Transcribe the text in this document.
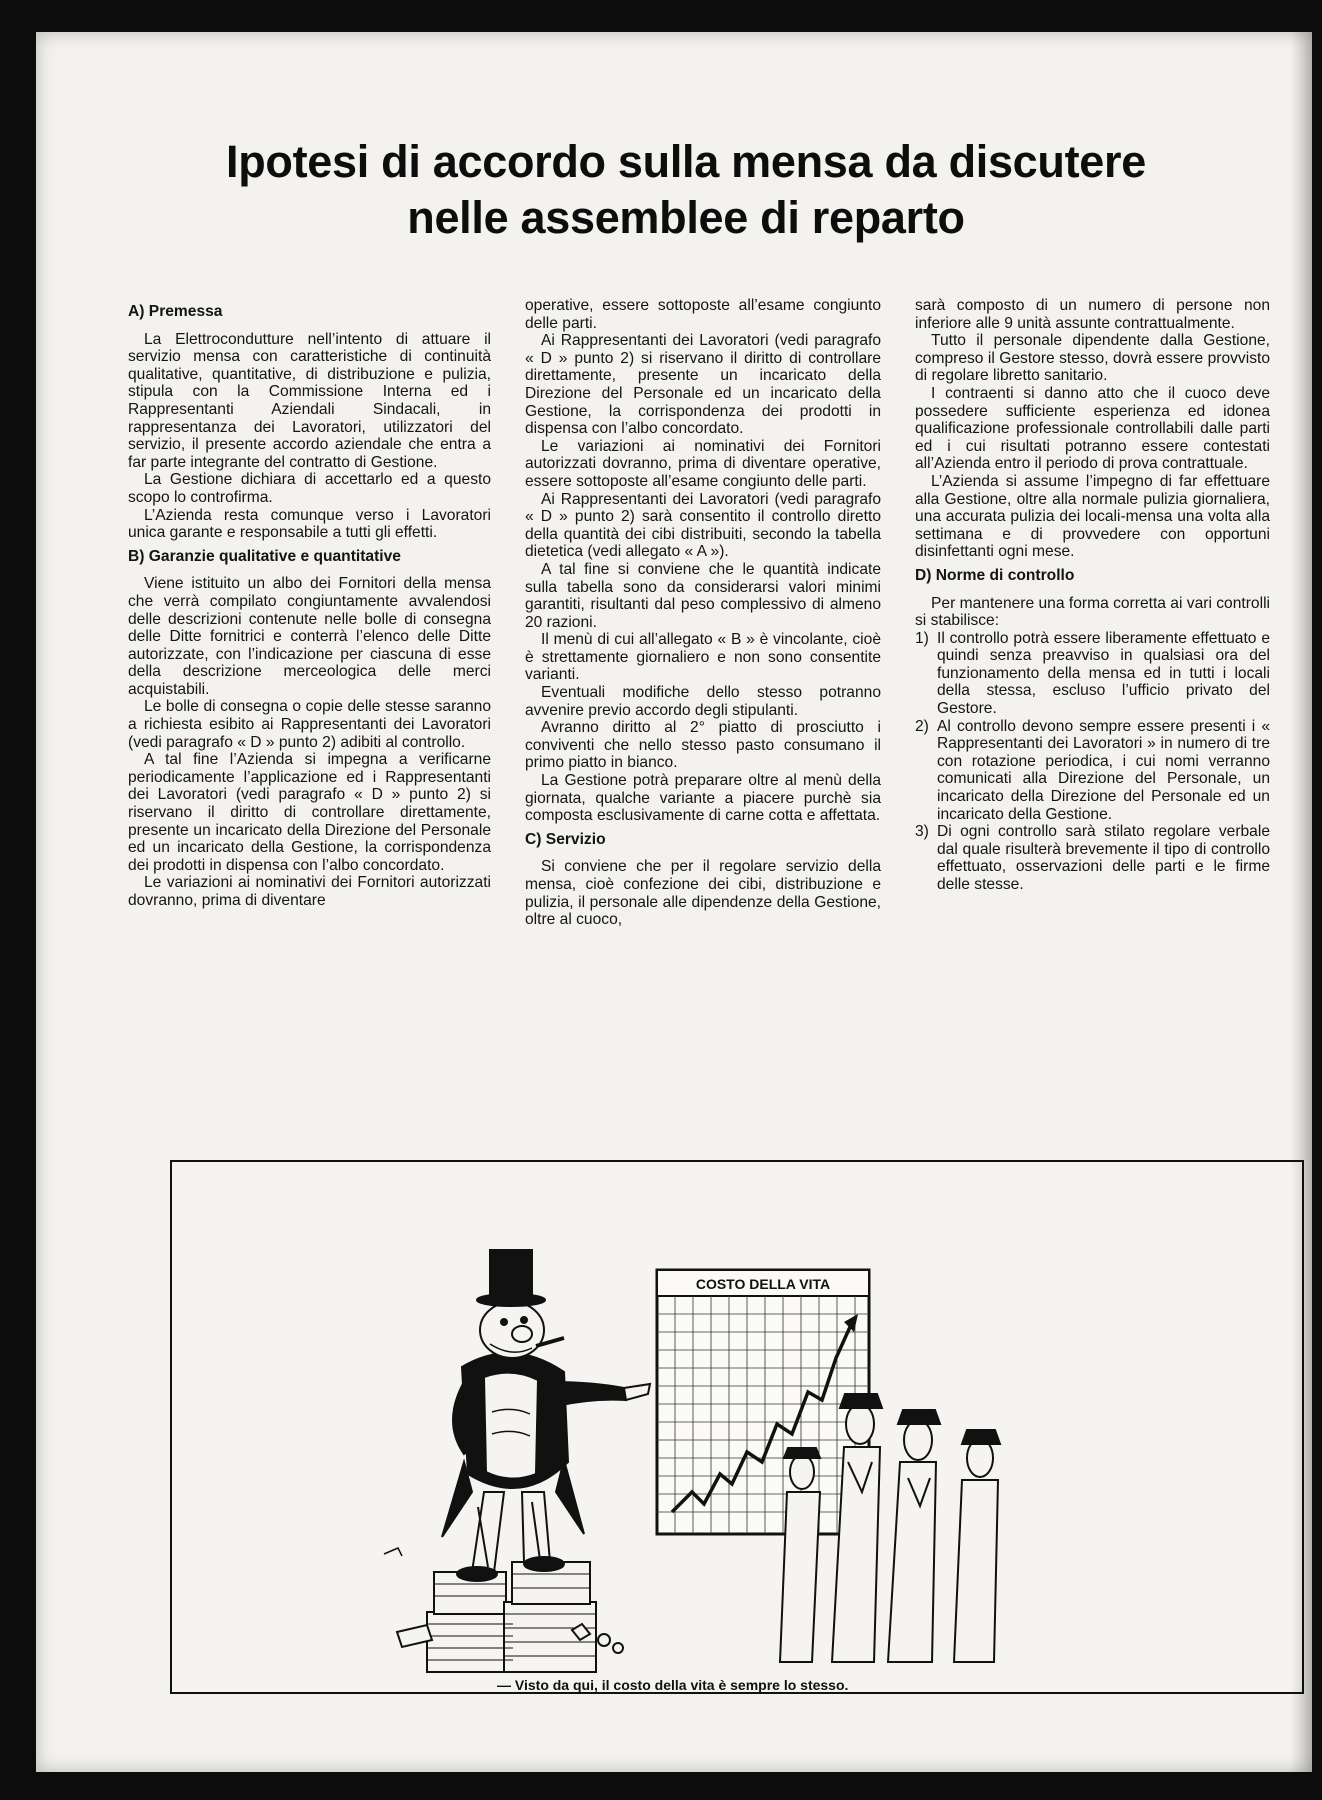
Ipotesi di accordo sulla mensa da discutere
nelle assemblee di reparto
A) Premessa

La Elettrocondutture nell’intento di attuare il servizio mensa con caratteristiche di continuità qualitative, quantitative, di distribuzione e pulizia, stipula con la Commissione Interna ed i Rappresentanti Aziendali Sindacali, in rappresentanza dei Lavoratori, utilizzatori del servizio, il presente accordo aziendale che entra a far parte integrante del contratto di Gestione.

La Gestione dichiara di accettarlo ed a questo scopo lo controfirma.

L’Azienda resta comunque verso i Lavoratori unica garante e responsabile a tutti gli effetti.

B) Garanzie qualitative e quantitative

Viene istituito un albo dei Fornitori della mensa che verrà compilato congiuntamente avvalendosi delle descrizioni contenute nelle bolle di consegna delle Ditte fornitrici e conterrà l’elenco delle Ditte autorizzate, con l’indicazione per ciascuna di esse della descrizione merceologica delle merci acquistabili.

Le bolle di consegna o copie delle stesse saranno a richiesta esibito ai Rappresentanti dei Lavoratori (vedi paragrafo « D » punto 2) adibiti al controllo.

A tal fine l’Azienda si impegna a verificarne periodicamente l’applicazione ed i Rappresentanti dei Lavoratori (vedi paragrafo « D » punto 2) si riservano il diritto di controllare direttamente, presente un incaricato della Direzione del Personale ed un incaricato della Gestione, la corrispondenza dei prodotti in dispensa con l’albo concordato.

Le variazioni ai nominativi dei Fornitori autorizzati dovranno, prima di diventare

operative, essere sottoposte all’esame congiunto delle parti.

Ai Rappresentanti dei Lavoratori (vedi paragrafo « D » punto 2) si riservano il diritto di controllare direttamente, presente un incaricato della Direzione del Personale ed un incaricato della Gestione, la corrispondenza dei prodotti in dispensa con l’albo concordato.

Le variazioni ai nominativi dei Fornitori autorizzati dovranno, prima di diventare operative, essere sottoposte all’esame congiunto delle parti.

Ai Rappresentanti dei Lavoratori (vedi paragrafo « D » punto 2) sarà consentito il controllo diretto della quantità dei cibi distribuiti, secondo la tabella dietetica (vedi allegato « A »).

A tal fine si conviene che le quantità indicate sulla tabella sono da considerarsi valori minimi garantiti, risultanti dal peso complessivo di almeno 20 razioni.

Il menù di cui all’allegato « B » è vincolante, cioè è strettamente giornaliero e non sono consentite varianti.

Eventuali modifiche dello stesso potranno avvenire previo accordo degli stipulanti.

Avranno diritto al 2° piatto di prosciutto i conviventi che nello stesso pasto consumano il primo piatto in bianco.

La Gestione potrà preparare oltre al menù della giornata, qualche variante a piacere purchè sia composta esclusivamente di carne cotta e affettata.

C) Servizio

Si conviene che per il regolare servizio della mensa, cioè confezione dei cibi, distribuzione e pulizia, il personale alle dipendenze della Gestione, oltre al cuoco,

sarà composto di un numero di persone non inferiore alle 9 unità assunte contrattualmente.

Tutto il personale dipendente dalla Gestione, compreso il Gestore stesso, dovrà essere provvisto di regolare libretto sanitario.

I contraenti si danno atto che il cuoco deve possedere sufficiente esperienza ed idonea qualificazione professionale controllabili dalle parti ed i cui risultati potranno essere contestati all’Azienda entro il periodo di prova contrattuale.

L’Azienda si assume l’impegno di far effettuare alla Gestione, oltre alla normale pulizia giornaliera, una accurata pulizia dei locali-mensa una volta alla settimana e di provvedere con opportuni disinfettanti ogni mese.

D) Norme di controllo

Per mantenere una forma corretta ai vari controlli si stabilisce:

1) Il controllo potrà essere liberamente effettuato e quindi senza preavviso in qualsiasi ora del funzionamento della mensa ed in tutti i locali della stessa, escluso l’ufficio privato del Gestore.
2) Al controllo devono sempre essere presenti i « Rappresentanti dei Lavoratori » in numero di tre con rotazione periodica, i cui nomi verranno comunicati alla Direzione del Personale, un incaricato della Direzione del Personale ed un incaricato della Gestione.
3) Di ogni controllo sarà stilato regolare verbale dal quale risulterà brevemente il tipo di controllo effettuato, osservazioni delle parti e le firme delle stesse.
COSTO DELLA VITA
— Visto da qui, il costo della vita è sempre lo stesso.
